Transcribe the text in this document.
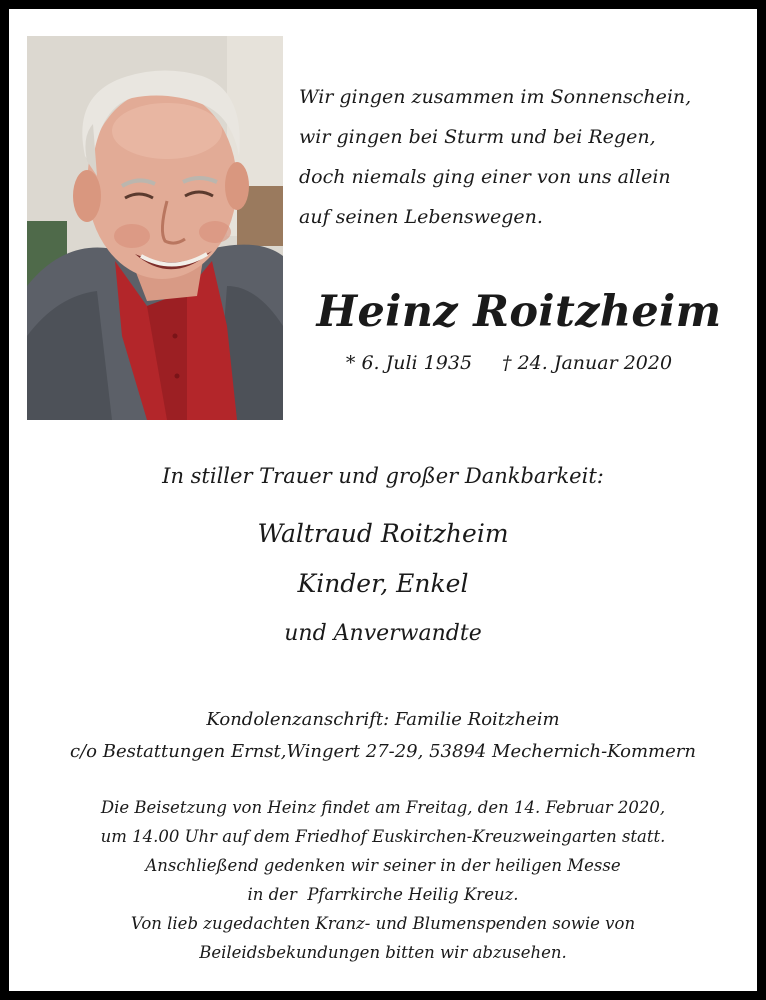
Wir gingen zusammen im Sonnenschein,
wir gingen bei Sturm und bei Regen,
doch niemals ging einer von uns allein
auf seinen Lebenswegen.
Heinz Roitzheim
* 6. Juli 1935 † 24. Januar 2020
In stiller Trauer und großer Dankbarkeit:
Waltraud Roitzheim
Kinder, Enkel
und Anverwandte
Kondolenzanschrift: Familie Roitzheim
c/o Bestattungen Ernst,Wingert 27-29, 53894 Mechernich-Kommern
Die Beisetzung von Heinz findet am Freitag, den 14. Februar 2020,
um 14.00 Uhr auf dem Friedhof Euskirchen-Kreuzweingarten statt.
Anschließend gedenken wir seiner in der heiligen Messe
in der  Pfarrkirche Heilig Kreuz.
Von lieb zugedachten Kranz- und Blumenspenden sowie von
Beileidsbekundungen bitten wir abzusehen.
